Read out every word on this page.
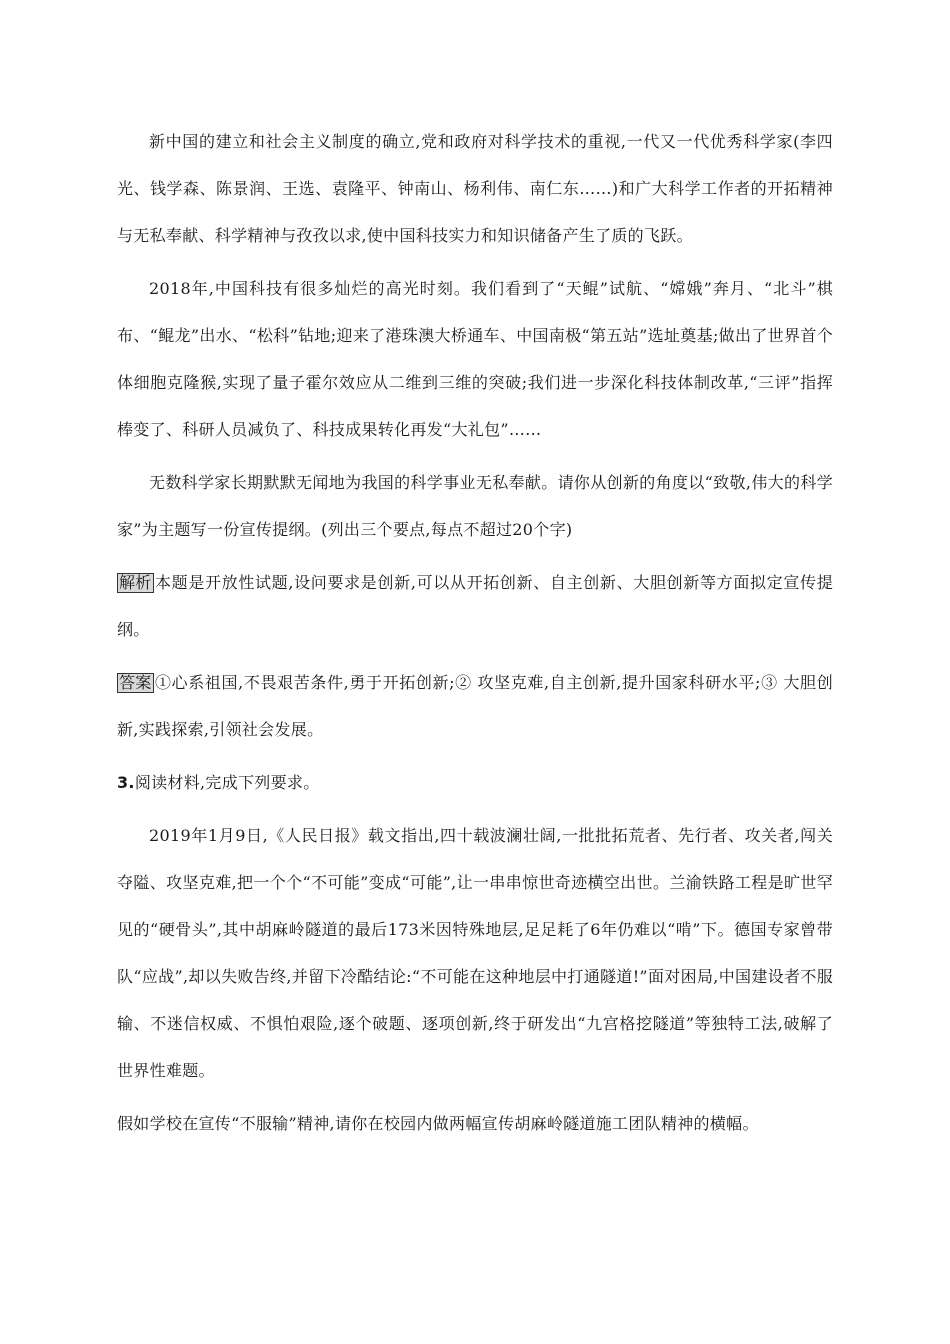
新中国的建立和社会主义制度的确立,党和政府对科学技术的重视,一代又一代优秀科学家(李四光、钱学森、陈景润、王选、袁隆平、钟南山、杨利伟、南仁东……)和广大科学工作者的开拓精神与无私奉献、科学精神与孜孜以求,使中国科技实力和知识储备产生了质的飞跃。

2018年,中国科技有很多灿烂的高光时刻。我们看到了“天鲲”试航、“嫦娥”奔月、“北斗”棋布、“鲲龙”出水、“松科”钻地;迎来了港珠澳大桥通车、中国南极“第五站”选址奠基;做出了世界首个体细胞克隆猴,实现了量子霍尔效应从二维到三维的突破;我们进一步深化科技体制改革,“三评”指挥棒变了、科研人员减负了、科技成果转化再发“大礼包”……

无数科学家长期默默无闻地为我国的科学事业无私奉献。请你从创新的角度以“致敬,伟大的科学家”为主题写一份宣传提纲。(列出三个要点,每点不超过20个字)

解析 本题是开放性试题,设问要求是创新,可以从开拓创新、自主创新、大胆创新等方面拟定宣传提纲。

答案 ①心系祖国,不畏艰苦条件,勇于开拓创新;② 攻坚克难,自主创新,提升国家科研水平;③ 大胆创新,实践探索,引领社会发展。

3.阅读材料,完成下列要求。

2019年1月9日,《人民日报》载文指出,四十载波澜壮阔,一批批拓荒者、先行者、攻关者,闯关夺隘、攻坚克难,把一个个“不可能”变成“可能”,让一串串惊世奇迹横空出世。兰渝铁路工程是旷世罕见的“硬骨头”,其中胡麻岭隧道的最后173米因特殊地层,足足耗了6年仍难以“啃”下。德国专家曾带队“应战”,却以失败告终,并留下冷酷结论:“不可能在这种地层中打通隧道!”面对困局,中国建设者不服输、不迷信权威、不惧怕艰险,逐个破题、逐项创新,终于研发出“九宫格挖隧道”等独特工法,破解了世界性难题。

假如学校在宣传“不服输”精神,请你在校园内做两幅宣传胡麻岭隧道施工团队精神的横幅。
